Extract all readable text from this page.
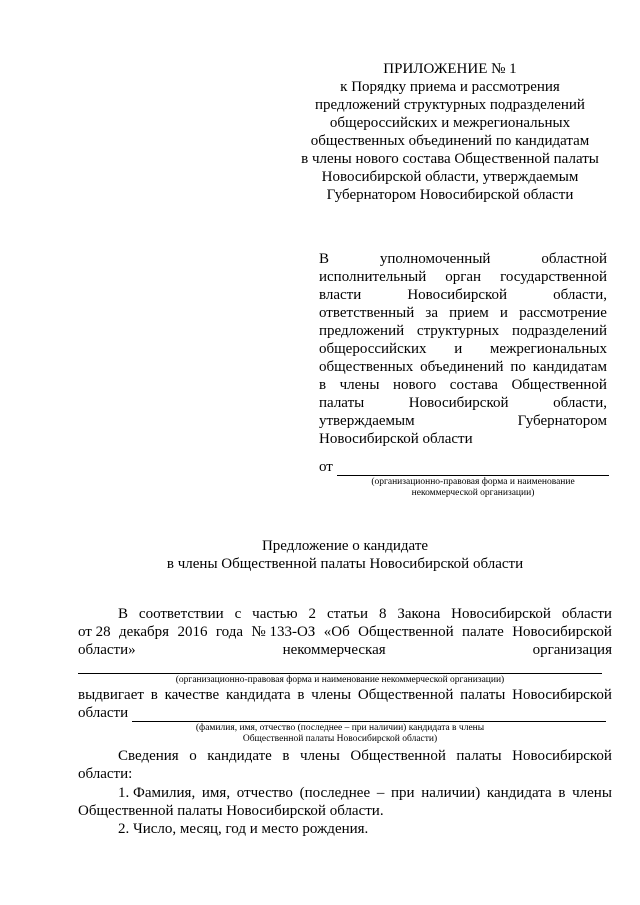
ПРИЛОЖЕНИЕ № 1
к Порядку приема и рассмотрения
предложений структурных подразделений
общероссийских и межрегиональных
общественных объединений по кандидатам
в члены нового состава Общественной палаты
Новосибирской области, утверждаемым
Губернатором Новосибирской области
В	уполномоченный	областной
исполнительный орган государственной
власти	Новосибирской	области,
ответственный за прием и рассмотрение
предложений структурных подразделений
общероссийских и межрегиональных
общественных объединений по кандидатам
в члены нового состава Общественной
палаты	Новосибирской	области,
утверждаемым	Губернатором
Новосибирской области
от
(организационно-правовая форма и наименование
некоммерческой организации)
Предложение о кандидате
в члены Общественной палаты Новосибирской области
В соответствии с частью 2 статьи 8 Закона Новосибирской области
от 28 декабря 2016 года № 133-ОЗ «Об Общественной палате Новосибирской
области»	некоммерческая	организация
(организационно-правовая форма и наименование некоммерческой организации)
выдвигает в качестве кандидата в члены Общественной палаты Новосибирской
области
(фамилия, имя, отчество (последнее – при наличии) кандидата в члены
Общественной палаты Новосибирской области)
Сведения о кандидате в члены Общественной палаты Новосибирской
области:
1. Фамилия, имя, отчество (последнее – при наличии) кандидата в члены
Общественной палаты Новосибирской области.
2. Число, месяц, год и место рождения.
